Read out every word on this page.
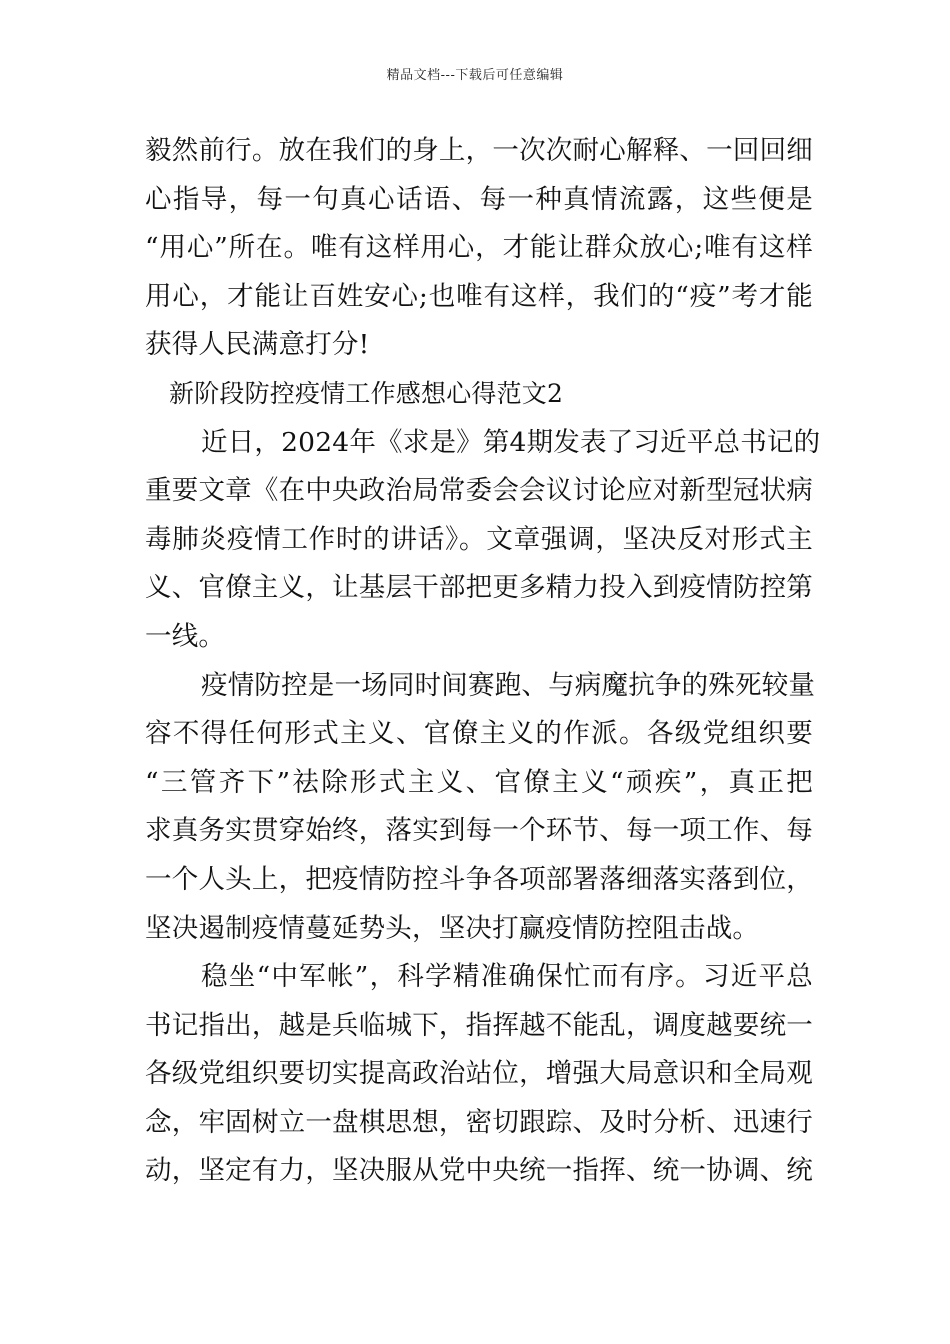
精品文档---下载后可任意编辑
毅然前行。放在我们的身上，一次次耐心解释、一回回细
心指导，每一句真心话语、每一种真情流露，这些便是
“用心”所在。唯有这样用心，才能让群众放心;唯有这样
用心，才能让百姓安心;也唯有这样，我们的“疫”考才能
获得人民满意打分!
新阶段防控疫情工作感想心得范文2
近日，2024年《求是》第4期发表了习近平总书记的
重要文章《在中央政治局常委会会议讨论应对新型冠状病
毒肺炎疫情工作时的讲话》。文章强调，坚决反对形式主
义、官僚主义，让基层干部把更多精力投入到疫情防控第
一线。
疫情防控是一场同时间赛跑、与病魔抗争的殊死较量
容不得任何形式主义、官僚主义的作派。各级党组织要
“三管齐下”祛除形式主义、官僚主义“顽疾”，真正把
求真务实贯穿始终，落实到每一个环节、每一项工作、每
一个人头上，把疫情防控斗争各项部署落细落实落到位，
坚决遏制疫情蔓延势头，坚决打赢疫情防控阻击战。
稳坐“中军帐”，科学精准确保忙而有序。习近平总
书记指出，越是兵临城下，指挥越不能乱，调度越要统一
各级党组织要切实提高政治站位，增强大局意识和全局观
念，牢固树立一盘棋思想，密切跟踪、及时分析、迅速行
动，坚定有力，坚决服从党中央统一指挥、统一协调、统
